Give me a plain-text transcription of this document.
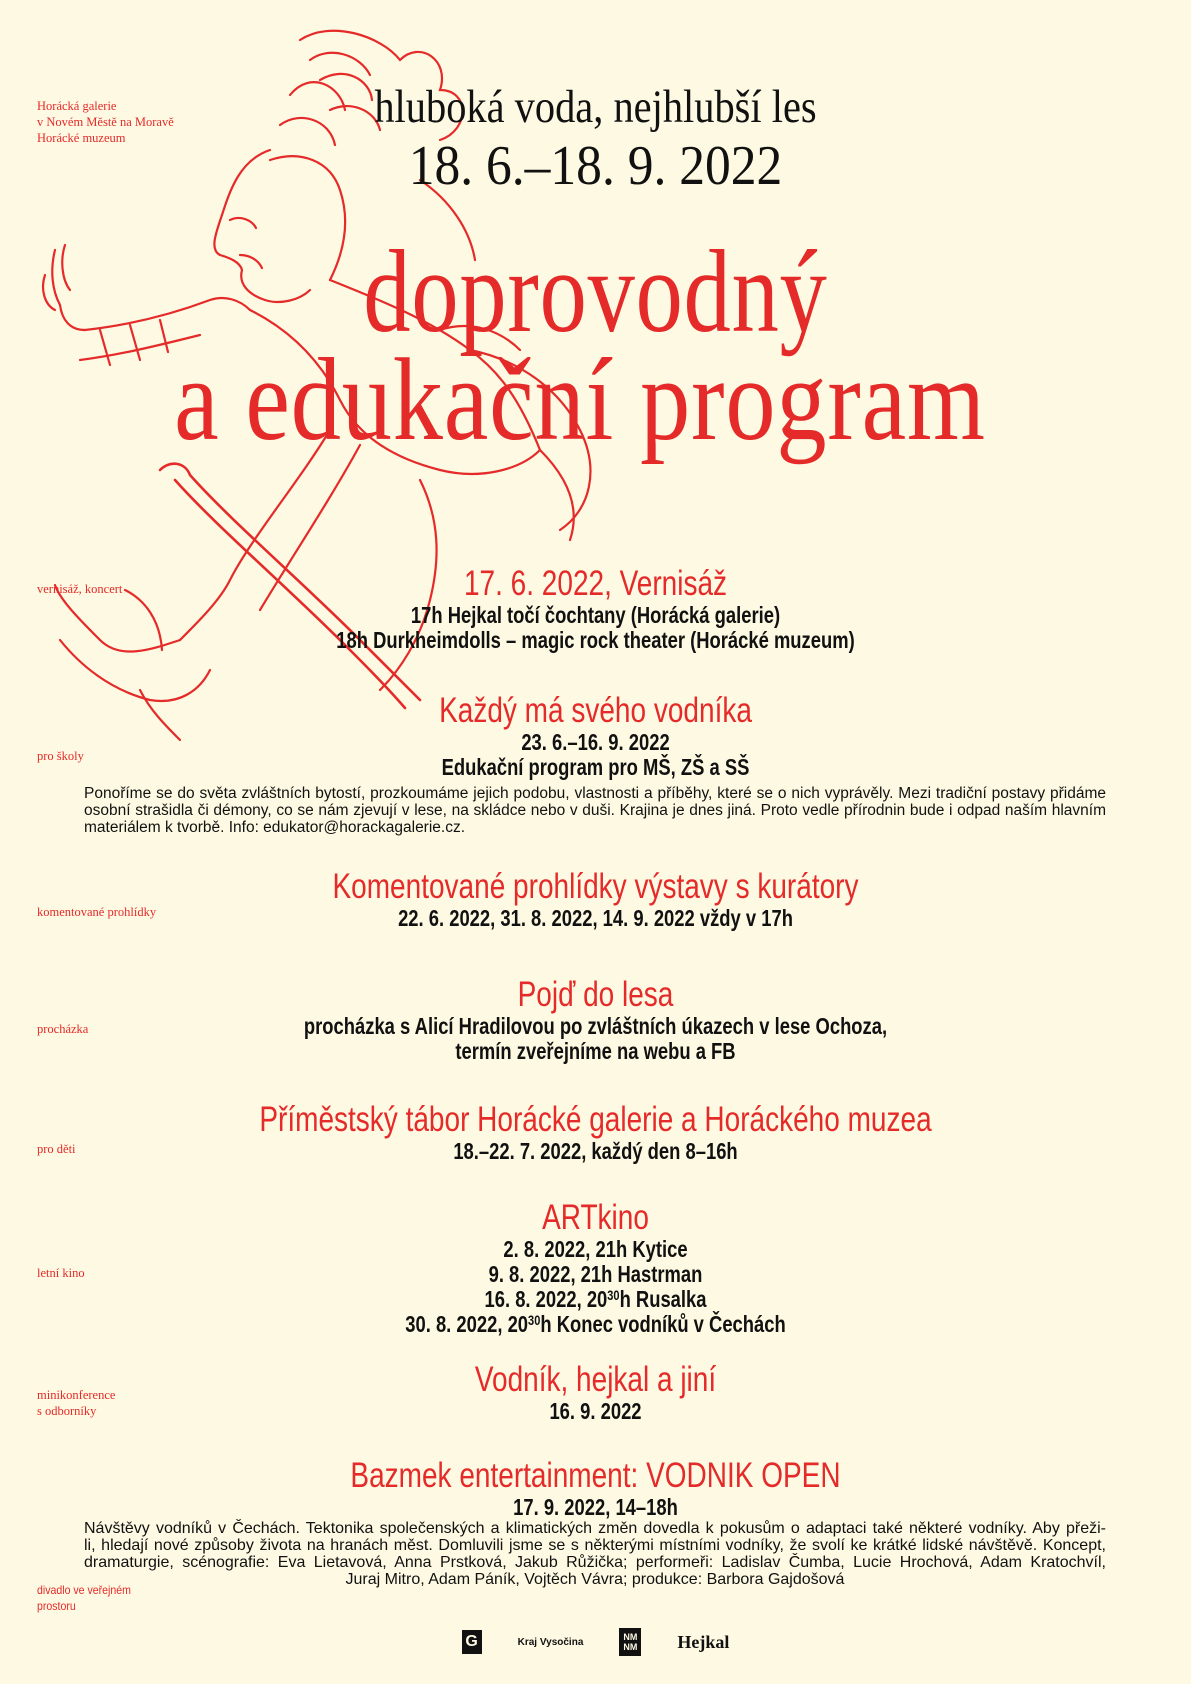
Horácká galerie
v Novém Městě na Moravě
Horácké muzeum
hluboká voda, nejhlubší les
18. 6.–18. 9. 2022
doprovodný
a edukační program
vernisáž, koncert	17. 6. 2022, Vernisáž
17h Hejkal točí čochtany (Horácká galerie)
18h Durkheimdolls – magic rock theater (Horácké muzeum)
pro školy
Každý má svého vodníka
23. 6.–16. 9. 2022
Edukační program pro MŠ, ZŠ a SŠ
Ponoříme se do světa zvláštních bytostí, prozkoumáme jejich podobu, vlastnosti a příběhy, které se o nich vyprávěly. Mezi tradiční postavy přidáme osobní strašidla či démony, co se nám zjevují v lese, na skládce nebo v duši. Krajina je dnes jiná. Proto vedle přírodnin bude i odpad naším hlavním materiálem k tvorbě. Info: edukator@horackagalerie.cz.
komentované prohlídky
Komentované prohlídky výstavy s kurátory
22. 6. 2022, 31. 8. 2022, 14. 9. 2022 vždy v 17h
procházka
Pojď do lesa
procházka s Alicí Hradilovou po zvláštních úkazech v lese Ochoza,
termín zveřejníme na webu a FB
pro děti
Příměstský tábor Horácké galerie a Horáckého muzea
18.–22. 7. 2022, každý den 8–16h
letní kino
ARTkino
2. 8. 2022, 21h Kytice
9. 8. 2022, 21h Hastrman
16. 8. 2022, $20^{30}h$ Rusalka
30. 8. 2022, $20^{30}h$ Konec vodníků v Čechách
minikonference
s odborníky
Vodník, hejkal a jiní
16. 9. 2022
divadlo ve veřejném
prostoru
Bazmek entertainment: VODNIK OPEN
17. 9. 2022, 14–18h
Návštěvy vodníků v Čechách. Tektonika společenských a klimatických změn dovedla k pokusům o adaptaci také některé vodníky. Aby přeži-
li, hledají nové způsoby života na hranách měst. Domluvili jsme se s některými místními vodníky, že svolí ke krátké lidské návštěvě. Koncept,
dramaturgie, scénografie: Eva Lietavová, Anna Prstková, Jakub Růžička; performeři: Ladislav Čumba, Lucie Hrochová, Adam Kratochvíl,
Juraj Mitro, Adam Páník, Vojtěch Vávra; produkce: Barbora Gajdošová
G	Kraj Vysočina	NM
NM Hejkal
